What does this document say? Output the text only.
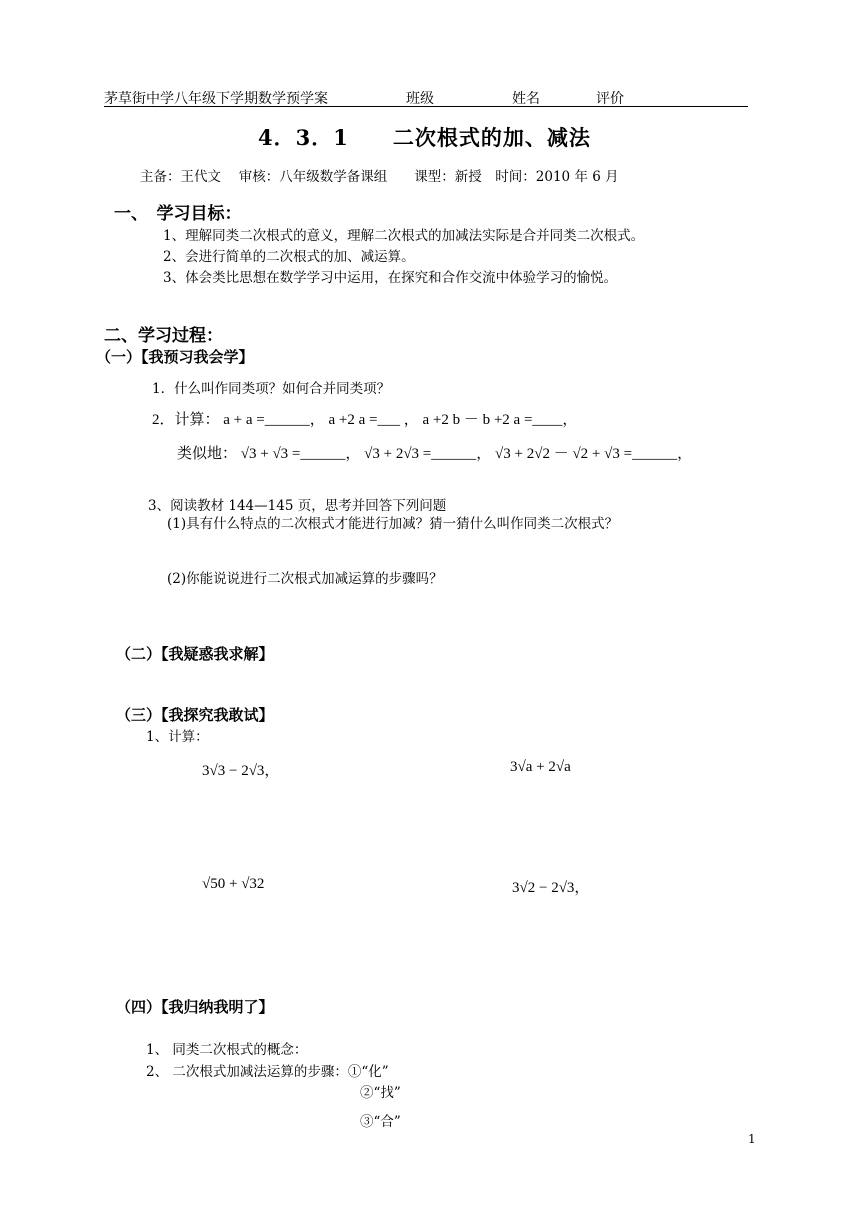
茅草街中学八年级下学期数学预学案	班级	姓名	评价
4．3．1　　二次根式的加、减法
主备：王代文　 审核：八年级数学备课组　　课型：新授　时间：2010 年 6 月
一、　学习目标：
1、理解同类二次根式的意义，理解二次根式的加减法实际是合并同类二次根式。
2、会进行简单的二次根式的加、减运算。
3、体会类比思想在数学学习中运用，在探究和合作交流中体验学习的愉悦。
二、学习过程：
（一）【我预习我会学】
1．什么叫作同类项？如何合并同类项？
2．计算： a + a =______， a +2 a =___ ， a +2 b － b +2 a =____，
类似地： √3 + √3 =______， √3 + 2√3 =______， √3 + 2√2 － √2 + √3 =______，
3、阅读教材 144—145 页，思考并回答下列问题
(1)具有什么特点的二次根式才能进行加减？猜一猜什么叫作同类二次根式？
(2)你能说说进行二次根式加减运算的步骤吗？
（二）【我疑惑我求解】
（三）【我探究我敢试】
1、计算：
3√3 − 2√3，	3√a + 2√a
√50 + √32	3√2 − 2√3，
（四）【我归纳我明了】
1、 同类二次根式的概念：
2、 二次根式加减法运算的步骤：①“化”
②“找”
③“合”
1
